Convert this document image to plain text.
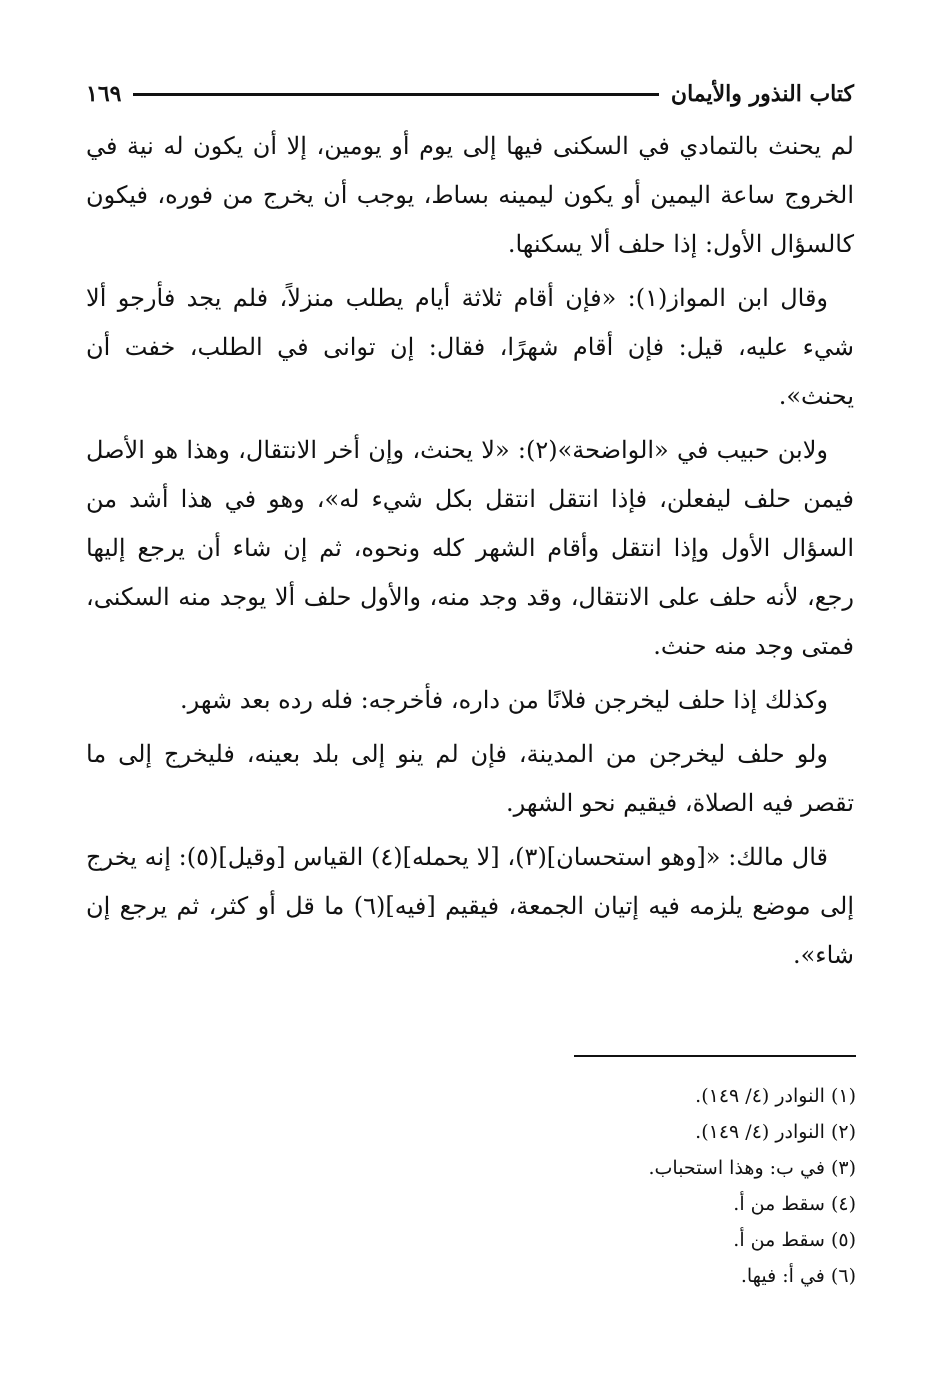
كتاب النذور والأيمان
١٦٩

لم يحنث بالتمادي في السكنى فيها إلى يوم أو يومين، إلا أن يكون له نية في الخروج ساعة اليمين أو يكون ليمينه بساط، يوجب أن يخرج من فوره، فيكون كالسؤال الأول: إذا حلف ألا يسكنها.

وقال ابن المواز(١): «فإن أقام ثلاثة أيام يطلب منزلاً، فلم يجد فأرجو ألا شيء عليه، قيل: فإن أقام شهرًا، فقال: إن توانى في الطلب، خفت أن يحنث».

ولابن حبيب في «الواضحة»(٢): «لا يحنث، وإن أخر الانتقال، وهذا هو الأصل فيمن حلف ليفعلن، فإذا انتقل انتقل بكل شيء له»، وهو في هذا أشد من السؤال الأول وإذا انتقل وأقام الشهر كله ونحوه، ثم إن شاء أن يرجع إليها رجع، لأنه حلف على الانتقال، وقد وجد منه، والأول حلف ألا يوجد منه السكنى، فمتى وجد منه حنث.

وكذلك إذا حلف ليخرجن فلانًا من داره، فأخرجه: فله رده بعد شهر.

ولو حلف ليخرجن من المدينة، فإن لم ينو إلى بلد بعينه، فليخرج إلى ما تقصر فيه الصلاة، فيقيم نحو الشهر.

قال مالك: «[وهو استحسان](٣)، [لا يحمله](٤) القياس [وقيل](٥): إنه يخرج إلى موضع يلزمه فيه إتيان الجمعة، فيقيم [فيه](٦) ما قل أو كثر، ثم يرجع إن شاء».

(١) النوادر (٤/ ١٤٩).
(٢) النوادر (٤/ ١٤٩).
(٣) في ب: وهذا استحباب.
(٤) سقط من أ.
(٥) سقط من أ.
(٦) في أ: فيها.
